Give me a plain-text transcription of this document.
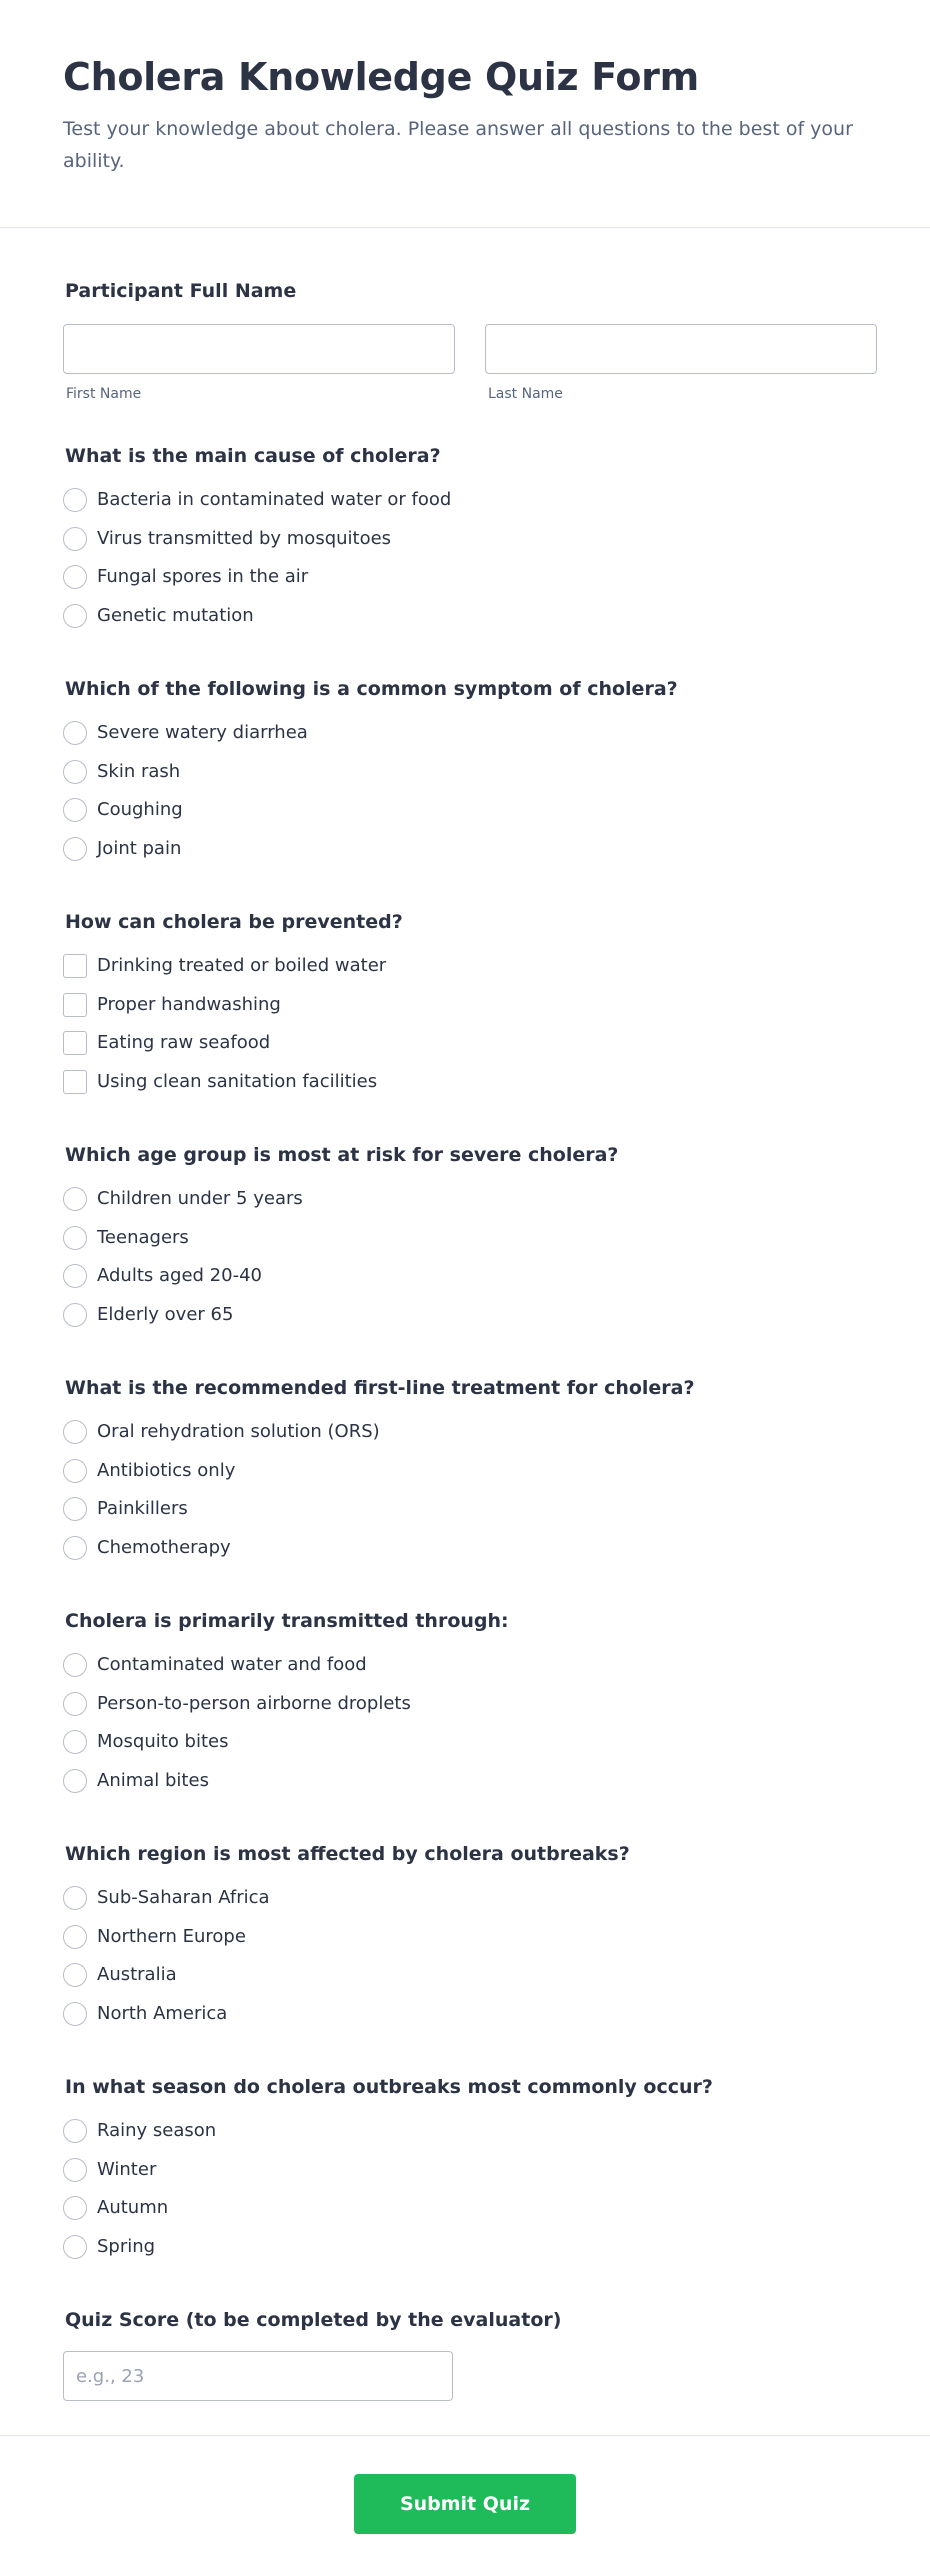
Cholera Knowledge Quiz Form

Test your knowledge about cholera. Please answer all questions to the best of your ability.

Participant Full Name
First Name	Last Name
What is the main cause of cholera?
Bacteria in contaminated water or food
Virus transmitted by mosquitoes
Fungal spores in the air
Genetic mutation
Which of the following is a common symptom of cholera?
Severe watery diarrhea
Skin rash
Coughing
Joint pain
How can cholera be prevented?
Drinking treated or boiled water
Proper handwashing
Eating raw seafood
Using clean sanitation facilities
Which age group is most at risk for severe cholera?
Children under 5 years
Teenagers
Adults aged 20-40
Elderly over 65
What is the recommended first-line treatment for cholera?
Oral rehydration solution (ORS)
Antibiotics only
Painkillers
Chemotherapy
Cholera is primarily transmitted through:
Contaminated water and food
Person-to-person airborne droplets
Mosquito bites
Animal bites
Which region is most affected by cholera outbreaks?
Sub-Saharan Africa
Northern Europe
Australia
North America
In what season do cholera outbreaks most commonly occur?
Rainy season
Winter
Autumn
Spring
Quiz Score (to be completed by the evaluator)
e.g., 23
Submit Quiz
